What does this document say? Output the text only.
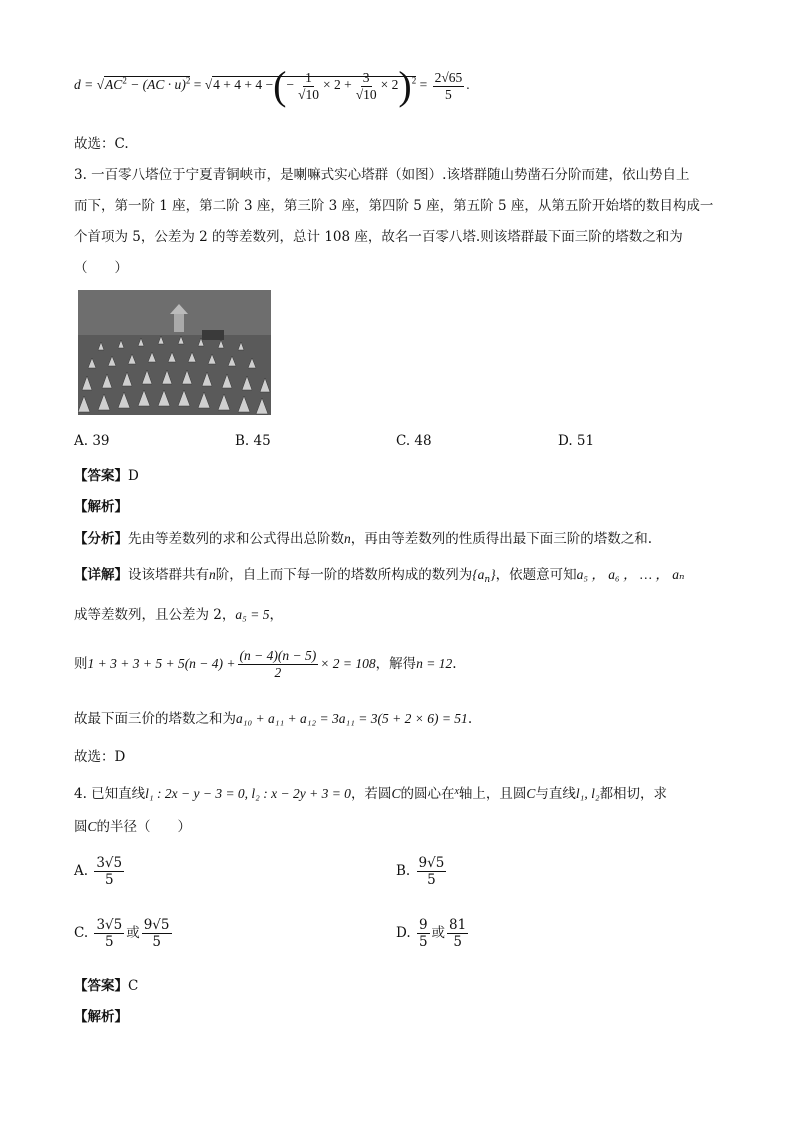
$d = √AC^2 - (AC \cdot u)^2 = √4 + 4 + 4$ −(− $\frac{1}{√10} \times 2 + \frac{3}{√10} \times 2)^2 = \frac{2√65}{5}$ .
故选：C.
3. 一百零八塔位于宁夏青铜峡市，是喇嘛式实心塔群（如图）.该塔群随山势凿石分阶而建，依山势自上
而下，第一阶 1 座，第二阶 3 座，第三阶 3 座，第四阶 5 座，第五阶 5 座，从第五阶开始塔的数目构成一
个首项为 5，公差为 2 的等差数列，总计 108 座，故名一百零八塔.则该塔群最下面三阶的塔数之和为
（　　）
A. 39	B. 45	C. 48	D. 51
【答案】D
【解析】
【分析】先由等差数列的求和公式得出总阶数n，再由等差数列的性质得出最下面三阶的塔数之和.
【详解】设该塔群共有n阶，自上而下每一阶的塔数所构成的数列为$\{a_n\}$，依题意可知a₅ ， a₆ ， … ， aₙ
成等差数列，且公差为 2，a₅ = 5，
则$1 + 3 + 3 + 5 + 5(n - 4) + \frac{(n - 4)(n - 5)}{2} \times 2 = 108$，解得n = 12.
故最下面三价的塔数之和为a₁₀ + a₁₁ + a₁₂ = 3a₁₁ = 3(5 + 2 × 6) = 51.
故选：D
4. 已知直线l₁ : 2x − y − 3 = 0, l₂ : x − 2y + 3 = 0，若圆C的圆心在$^x$轴上，且圆C与直线l₁, l₂都相切，求
圆C的半径（　　）
A. $\frac{3√5}{5}$	B. $\frac{9√5}{5}$
C. $\frac{3√5}{5}$ 或 $\frac{9√5}{5}$	D. $\frac{9}{5}$ 或 $\frac{81}{5}$
【答案】C
【解析】
